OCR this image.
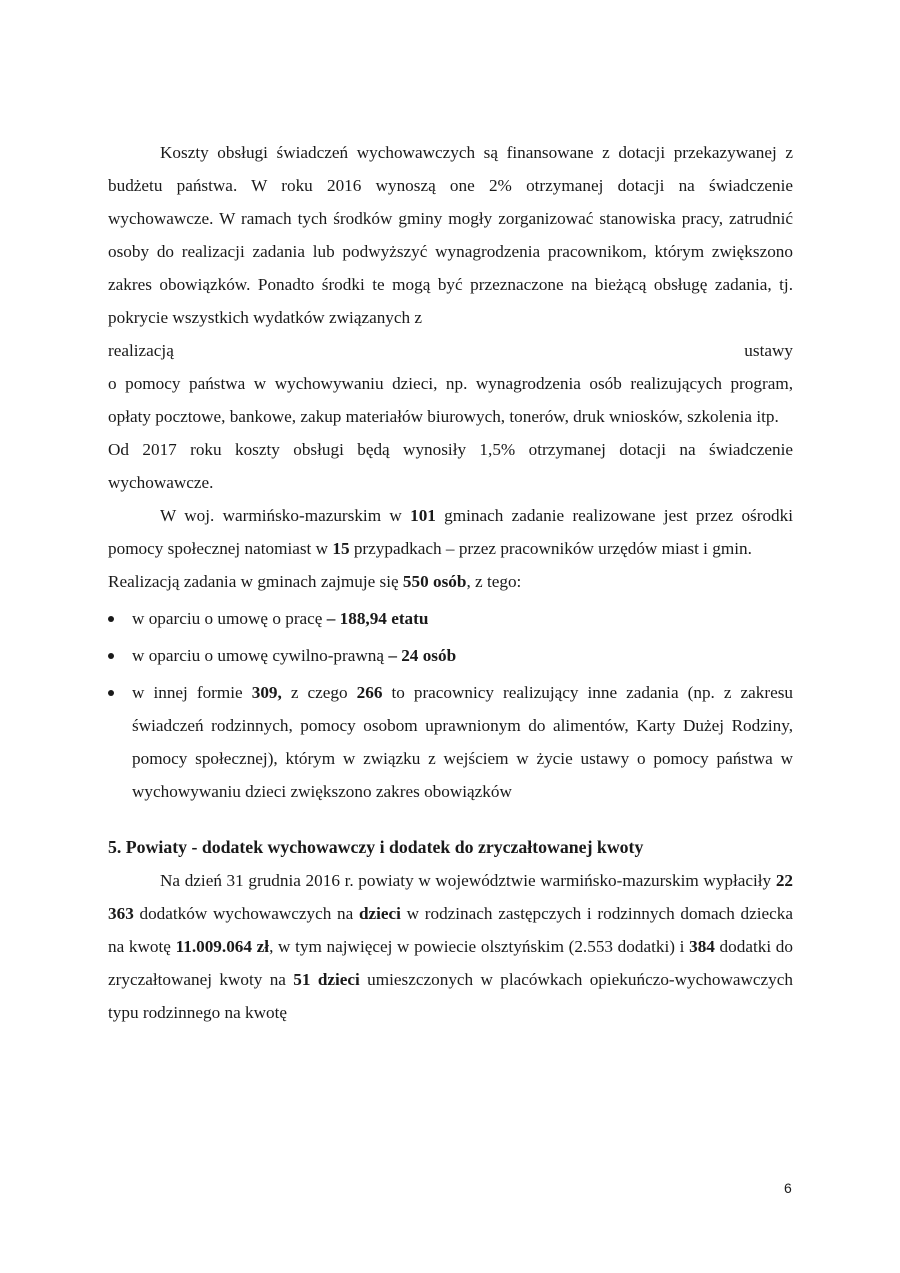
Koszty obsługi świadczeń wychowawczych są finansowane z dotacji przekazywanej z budżetu państwa. W roku 2016 wynoszą one 2% otrzymanej dotacji na świadczenie wychowawcze. W ramach tych środków gminy mogły zorganizować stanowiska pracy, zatrudnić osoby do realizacji zadania lub podwyższyć wynagrodzenia pracownikom, którym zwiększono zakres obowiązków. Ponadto środki te mogą być przeznaczone na bieżącą obsługę zadania, tj. pokrycie wszystkich wydatków związanych z

realizacją	ustawy

o pomocy państwa w wychowywaniu dzieci, np. wynagrodzenia osób realizujących program, opłaty pocztowe, bankowe, zakup materiałów biurowych, tonerów, druk wniosków, szkolenia itp.

Od 2017 roku koszty obsługi będą wynosiły 1,5% otrzymanej dotacji na świadczenie wychowawcze.

W woj. warmińsko-mazurskim w 101 gminach zadanie realizowane jest przez ośrodki pomocy społecznej natomiast w 15 przypadkach – przez pracowników urzędów miast i gmin.

Realizacją zadania w gminach zajmuje się 550 osób, z tego:

w oparciu o umowę o pracę – 188,94 etatu
w oparciu o umowę cywilno-prawną – 24 osób
w innej formie 309, z czego 266 to pracownicy realizujący inne zadania (np. z zakresu świadczeń rodzinnych, pomocy osobom uprawnionym do alimentów, Karty Dużej Rodziny, pomocy społecznej), którym w związku z wejściem w życie ustawy o pomocy państwa w wychowywaniu dzieci zwiększono zakres obowiązków
5. Powiaty - dodatek wychowawczy i dodatek do zryczałtowanej kwoty

Na dzień 31 grudnia 2016 r. powiaty w województwie warmińsko-mazurskim wypłaciły 22 363 dodatków wychowawczych na dzieci w rodzinach zastępczych i rodzinnych domach dziecka na kwotę 11.009.064 zł, w tym najwięcej w powiecie olsztyńskim (2.553 dodatki) i 384 dodatki do zryczałtowanej kwoty na 51 dzieci umieszczonych w placówkach opiekuńczo-wychowawczych typu rodzinnego na kwotę

6
